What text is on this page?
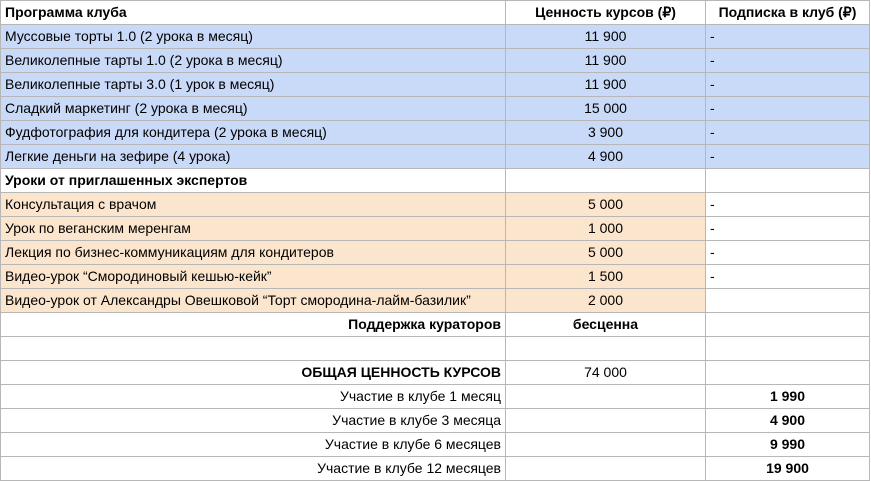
Программа клуба	Ценность курсов (₽)	Подписка в клуб (₽)
Муссовые торты 1.0 (2 урока в месяц)	11 900	-
Великолепные тарты 1.0 (2 урока в месяц)	11 900	-
Великолепные тарты 3.0 (1 урок в месяц)	11 900	-
Сладкий маркетинг (2 урока в месяц)	15 000	-
Фудфотография для кондитера (2 урока в месяц)	3 900	-
Легкие деньги на зефире (4 урока)	4 900	-
Уроки от приглашенных экспертов		
Консультация с врачом	5 000	-
Урок по веганским меренгам	1 000	-
Лекция по бизнес-коммуникациям для кондитеров	5 000	-
Видео-урок “Смородиновый кешью-кейк”	1 500	-
Видео-урок от Александры Овешковой “Торт смородина-лайм-базилик”	2 000	
Поддержка кураторов	бесценна	

ОБЩАЯ ЦЕННОСТЬ КУРСОВ	74 000	
Участие в клубе 1 месяц		1 990
Участие в клубе 3 месяца		4 900
Участие в клубе 6 месяцев		9 990
Участие в клубе 12 месяцев		19 900
